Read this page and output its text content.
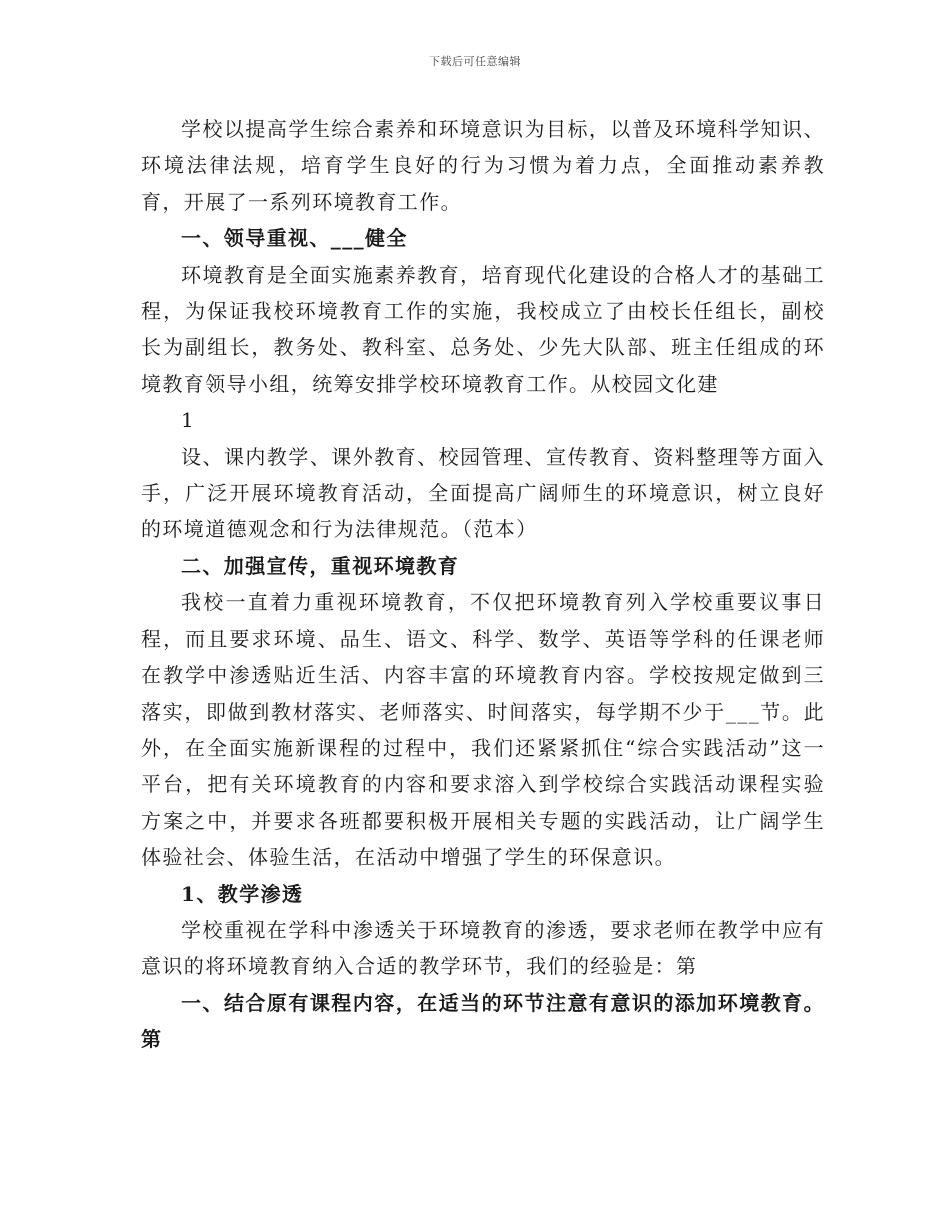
下载后可任意编辑

学校以提高学生综合素养和环境意识为目标，以普及环境科学知识、环境法律法规，培育学生良好的行为习惯为着力点，全面推动素养教育，开展了一系列环境教育工作。

一、领导重视、___健全

环境教育是全面实施素养教育，培育现代化建设的合格人才的基础工程，为保证我校环境教育工作的实施，我校成立了由校长任组长，副校长为副组长，教务处、教科室、总务处、少先大队部、班主任组成的环境教育领导小组，统筹安排学校环境教育工作。从校园文化建

1

设、课内教学、课外教育、校园管理、宣传教育、资料整理等方面入手，广泛开展环境教育活动，全面提高广阔师生的环境意识，树立良好的环境道德观念和行为法律规范。（范本）

二、加强宣传，重视环境教育

我校一直着力重视环境教育，不仅把环境教育列入学校重要议事日程，而且要求环境、品生、语文、科学、数学、英语等学科的任课老师在教学中渗透贴近生活、内容丰富的环境教育内容。学校按规定做到三落实，即做到教材落实、老师落实、时间落实，每学期不少于___节。此外，在全面实施新课程的过程中，我们还紧紧抓住“综合实践活动”这一平台，把有关环境教育的内容和要求溶入到学校综合实践活动课程实验方案之中，并要求各班都要积极开展相关专题的实践活动，让广阔学生体验社会、体验生活，在活动中增强了学生的环保意识。

1、教学渗透

学校重视在学科中渗透关于环境教育的渗透，要求老师在教学中应有意识的将环境教育纳入合适的教学环节，我们的经验是：第

一、结合原有课程内容，在适当的环节注意有意识的添加环境教育。第
